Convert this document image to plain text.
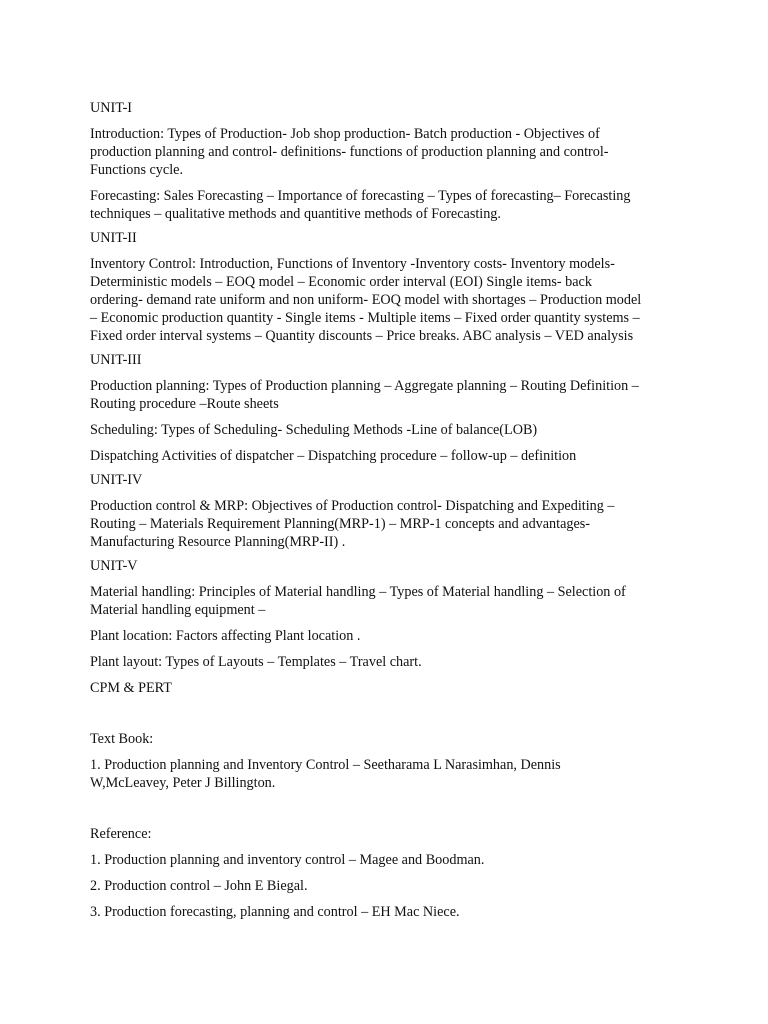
UNIT-I

Introduction: Types of Production- Job shop production- Batch production - Objectives of
production planning and control- definitions- functions of production planning and control-
Functions cycle.

Forecasting: Sales Forecasting – Importance of forecasting – Types of forecasting– Forecasting
techniques – qualitative methods and quantitive methods of Forecasting.

UNIT-II

Inventory Control: Introduction, Functions of Inventory -Inventory costs- Inventory models-
Deterministic models – EOQ model – Economic order interval (EOI) Single items- back
ordering- demand rate uniform and non uniform- EOQ model with shortages – Production model
– Economic production quantity - Single items - Multiple items – Fixed order quantity systems –
Fixed order interval systems – Quantity discounts – Price breaks. ABC analysis – VED analysis

UNIT-III

Production planning: Types of Production planning – Aggregate planning – Routing Definition –
Routing procedure –Route sheets

Scheduling: Types of Scheduling- Scheduling Methods -Line of balance(LOB)

Dispatching Activities of dispatcher – Dispatching procedure – follow-up – definition

UNIT-IV

Production control & MRP: Objectives of Production control- Dispatching and Expediting –
Routing – Materials Requirement Planning(MRP-1) – MRP-1 concepts and advantages-
Manufacturing Resource Planning(MRP-II) .

UNIT-V

Material handling: Principles of Material handling – Types of Material handling – Selection of
Material handling equipment –

Plant location: Factors affecting Plant location .

Plant layout: Types of Layouts – Templates – Travel chart.

CPM & PERT

Text Book:

1. Production planning and Inventory Control – Seetharama L Narasimhan, Dennis
W,McLeavey, Peter J Billington.

Reference:

1. Production planning and inventory control – Magee and Boodman.

2. Production control – John E Biegal.

3. Production forecasting, planning and control – EH Mac Niece.
